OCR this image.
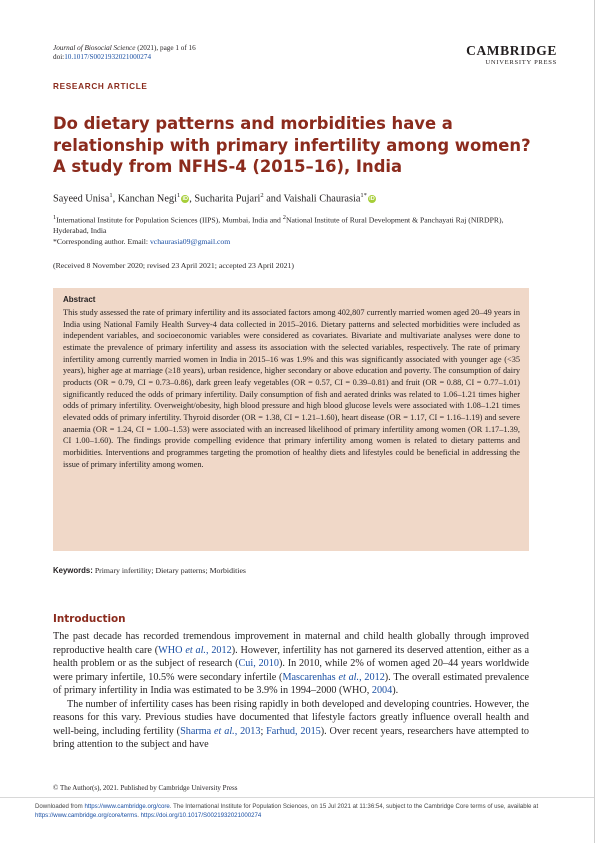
Journal of Biosocial Science (2021), page 1 of 16
doi:10.1017/S0021932021000274	CAMBRIDGE
UNIVERSITY PRESS
RESEARCH ARTICLE
Do dietary patterns and morbidities have a relationship with primary infertility among women? A study from NFHS-4 (2015–16), India
Sayeed Unisa$^1$, Kanchan Negi$^1$iD, Sucharita Pujari$^2$ and Vaishali Chaurasia$^{1*}$iD
$^1$International Institute for Population Sciences (IIPS), Mumbai, India and $^2$National Institute of Rural Development & Panchayati Raj (NIRDPR), Hyderabad, India
*Corresponding author. Email: vchaurasia09@gmail.com
(Received 8 November 2020; revised 23 April 2021; accepted 23 April 2021)
Abstract
This study assessed the rate of primary infertility and its associated factors among 402,807 currently married women aged 20–49 years in India using National Family Health Survey-4 data collected in 2015–2016. Dietary patterns and selected morbidities were included as independent variables, and socioeconomic variables were considered as covariates. Bivariate and multivariate analyses were done to estimate the prevalence of primary infertility and assess its association with the selected variables, respectively. The rate of primary infertility among currently married women in India in 2015–16 was 1.9% and this was significantly associated with younger age (<35 years), higher age at marriage (≥18 years), urban residence, higher secondary or above education and poverty. The consumption of dairy products (OR = 0.79, CI = 0.73–0.86), dark green leafy vegetables (OR = 0.57, CI = 0.39–0.81) and fruit (OR = 0.88, CI = 0.77–1.01) significantly reduced the odds of primary infertility. Daily consumption of fish and aerated drinks was related to 1.06–1.21 times higher odds of primary infertility. Overweight/obesity, high blood pressure and high blood glucose levels were associated with 1.08–1.21 times elevated odds of primary infertility. Thyroid disorder (OR = 1.38, CI = 1.21–1.60), heart disease (OR = 1.17, CI = 1.16–1.19) and severe anaemia (OR = 1.24, CI = 1.00–1.53) were associated with an increased likelihood of primary infertility among women (OR 1.17–1.39, CI 1.00–1.60). The findings provide compelling evidence that primary infertility among women is related to dietary patterns and morbidities. Interventions and programmes targeting the promotion of healthy diets and lifestyles could be beneficial in addressing the issue of primary infertility among women.
Keywords: Primary infertility; Dietary patterns; Morbidities
Introduction

The past decade has recorded tremendous improvement in maternal and child health globally through improved reproductive health care (WHO et al., 2012). However, infertility has not garnered its deserved attention, either as a health problem or as the subject of research (Cui, 2010). In 2010, while 2% of women aged 20–44 years worldwide were primary infertile, 10.5% were secondary infertile (Mascarenhas et al., 2012). The overall estimated prevalence of primary infertility in India was estimated to be 3.9% in 1994–2000 (WHO, 2004).

The number of infertility cases has been rising rapidly in both developed and developing countries. However, the reasons for this vary. Previous studies have documented that lifestyle factors greatly influence overall health and well-being, including fertility (Sharma et al., 2013; Farhud, 2015). Over recent years, researchers have attempted to bring attention to the subject and have

© The Author(s), 2021. Published by Cambridge University Press
Downloaded from https://www.cambridge.org/core. The International Institute for Population Sciences, on 15 Jul 2021 at 11:36:54, subject to the Cambridge Core terms of use, available at https://www.cambridge.org/core/terms. https://doi.org/10.1017/S0021932021000274
